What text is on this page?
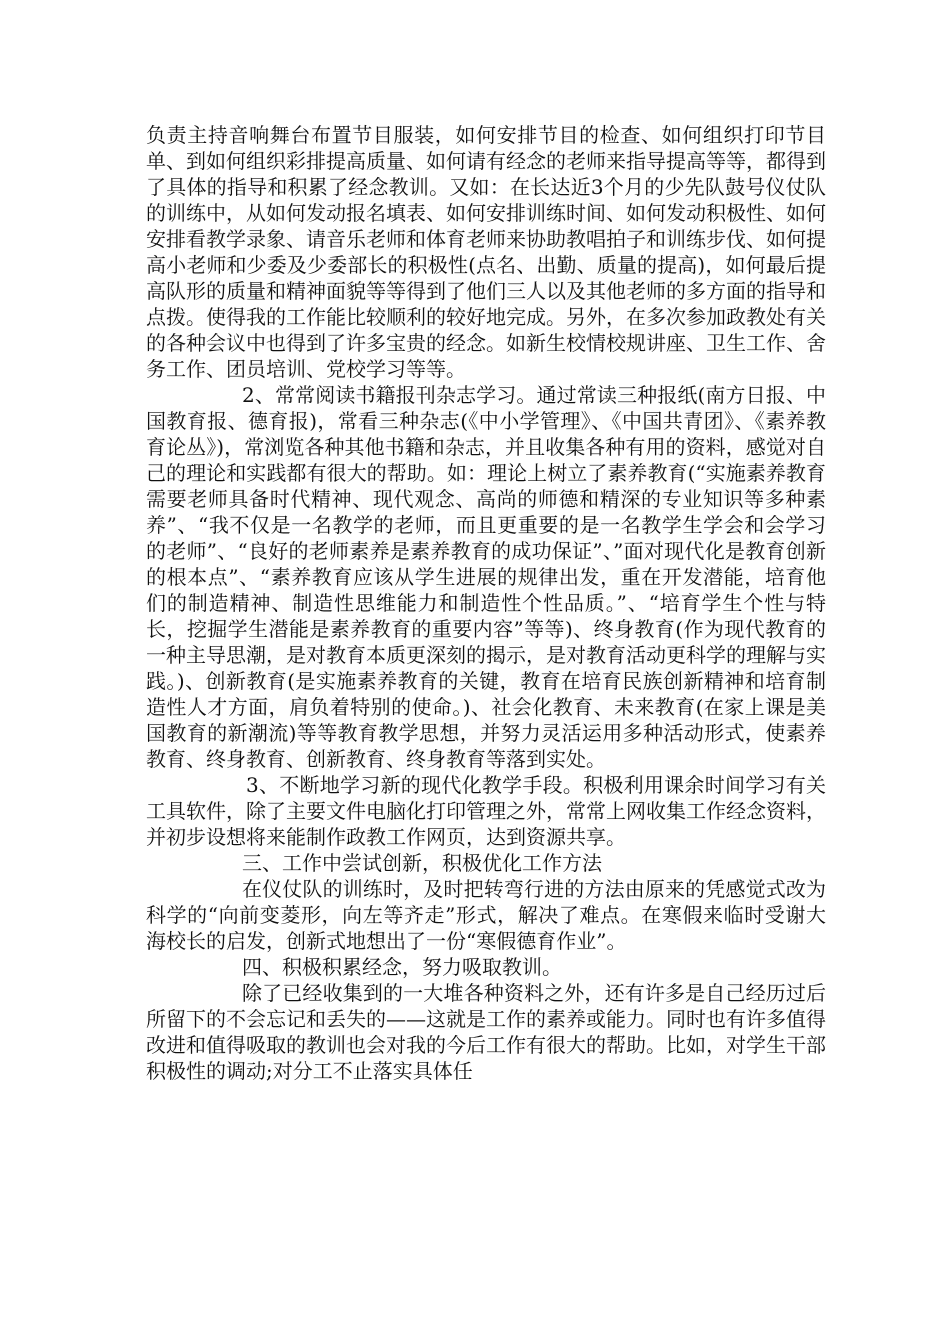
负责主持音响舞台布置节目服装，如何安排节目的检查、如何组织打印节目单、到如何组织彩排提高质量、如何请有经念的老师来指导提高等等，都得到了具体的指导和积累了经念教训。又如：在长达近3个月的少先队鼓号仪仗队的训练中，从如何发动报名填表、如何安排训练时间、如何发动积极性、如何安排看教学录象、请音乐老师和体育老师来协助教唱拍子和训练步伐、如何提高小老师和少委及少委部长的积极性(点名、出勤、质量的提高)，如何最后提高队形的质量和精神面貌等等得到了他们三人以及其他老师的多方面的指导和点拨。使得我的工作能比较顺利的较好地完成。另外，在多次参加政教处有关的各种会议中也得到了许多宝贵的经念。如新生校情校规讲座、卫生工作、舍务工作、团员培训、党校学习等等。

2、常常阅读书籍报刊杂志学习。通过常读三种报纸(南方日报、中国教育报、德育报)，常看三种杂志(《中小学管理》、《中国共青团》、《素养教育论丛》)，常浏览各种其他书籍和杂志，并且收集各种有用的资料，感觉对自己的理论和实践都有很大的帮助。如：理论上树立了素养教育(“实施素养教育需要老师具备时代精神、现代观念、高尚的师德和精深的专业知识等多种素养”、“我不仅是一名教学的老师，而且更重要的是一名教学生学会和会学习的老师”、“良好的老师素养是素养教育的成功保证”、”面对现代化是教育创新的根本点”、“素养教育应该从学生进展的规律出发，重在开发潜能，培育他们的制造精神、制造性思维能力和制造性个性品质。”、“培育学生个性与特长，挖掘学生潜能是素养教育的重要内容”等等)、终身教育(作为现代教育的一种主导思潮，是对教育本质更深刻的揭示，是对教育活动更科学的理解与实践。)、创新教育(是实施素养教育的关键，教育在培育民族创新精神和培育制造性人才方面，肩负着特别的使命。)、社会化教育、未来教育(在家上课是美国教育的新潮流)等等教育教学思想，并努力灵活运用多种活动形式，使素养教育、终身教育、创新教育、终身教育等落到实处。

3、不断地学习新的现代化教学手段。积极利用课余时间学习有关工具软件，除了主要文件电脑化打印管理之外，常常上网收集工作经念资料，并初步设想将来能制作政教工作网页，达到资源共享。

三、工作中尝试创新，积极优化工作方法

在仪仗队的训练时，及时把转弯行进的方法由原来的凭感觉式改为科学的“向前变菱形，向左等齐走”形式，解决了难点。在寒假来临时受谢大海校长的启发，创新式地想出了一份“寒假德育作业”。

四、积极积累经念，努力吸取教训。

除了已经收集到的一大堆各种资料之外，还有许多是自己经历过后所留下的不会忘记和丢失的——这就是工作的素养或能力。同时也有许多值得改进和值得吸取的教训也会对我的今后工作有很大的帮助。比如，对学生干部积极性的调动;对分工不止落实具体任
